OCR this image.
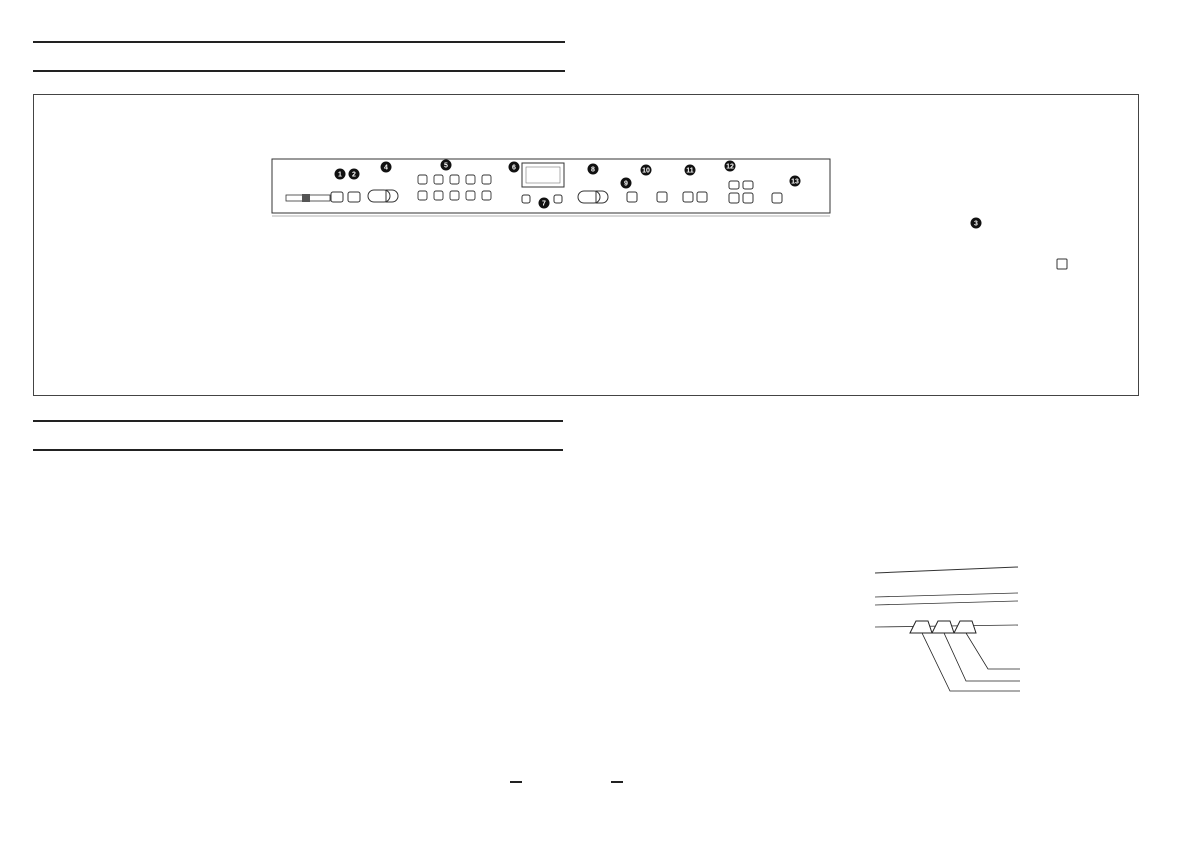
1 2
4	5	6	8	10	11
12
7
9	13
3
